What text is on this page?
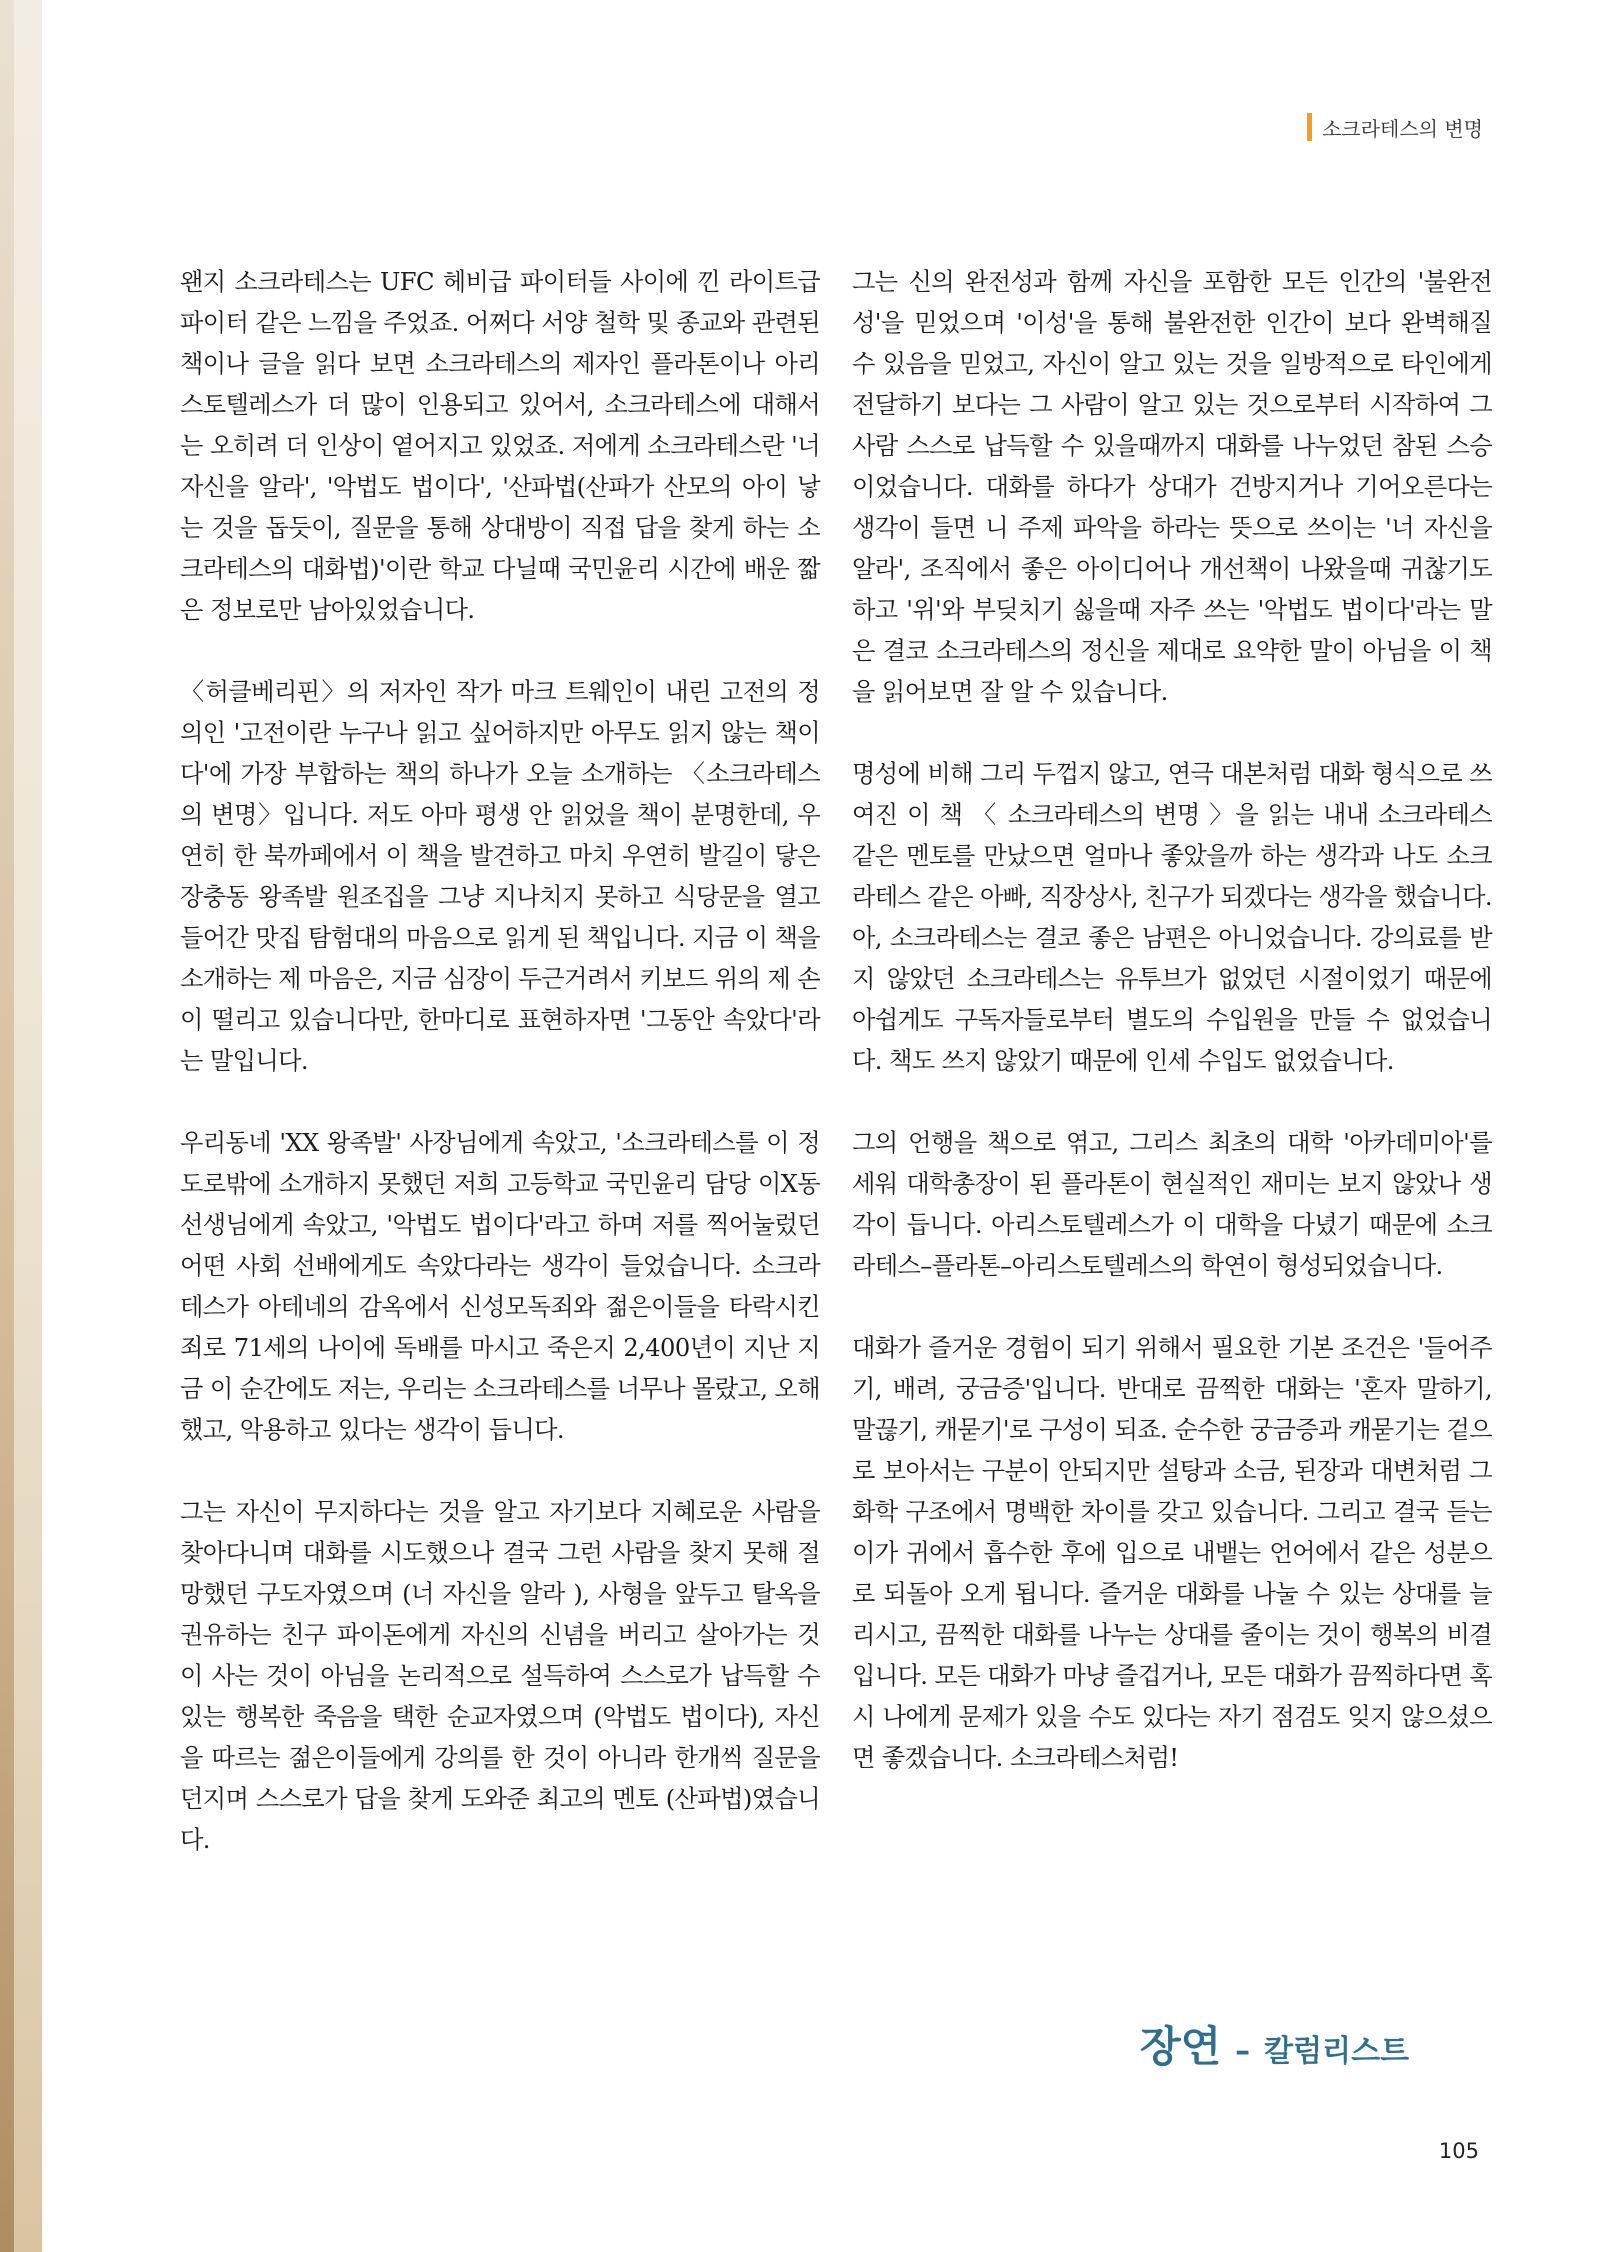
소크라테스의 변명

왠지 소크라테스는 UFC 헤비급 파이터들 사이에 낀 라이트급 파이터 같은 느낌을 주었죠. 어쩌다 서양 철학 및 종교와 관련된 책이나 글을 읽다 보면 소크라테스의 제자인 플라톤이나 아리스토텔레스가 더 많이 인용되고 있어서, 소크라테스에 대해서는 오히려 더 인상이 옅어지고 있었죠. 저에게 소크라테스란 '너 자신을 알라', '악법도 법이다', '산파법(산파가 산모의 아이 낳는 것을 돕듯이, 질문을 통해 상대방이 직접 답을 찾게 하는 소크라테스의 대화법)'이란 학교 다닐때 국민윤리 시간에 배운 짧은 정보로만 남아있었습니다.

〈허클베리핀〉의 저자인 작가 마크 트웨인이 내린 고전의 정의인 '고전이란 누구나 읽고 싶어하지만 아무도 읽지 않는 책이다'에 가장 부합하는 책의 하나가 오늘 소개하는 〈소크라테스의 변명〉입니다. 저도 아마 평생 안 읽었을 책이 분명한데, 우연히 한 북까페에서 이 책을 발견하고 마치 우연히 발길이 닿은 장충동 왕족발 원조집을 그냥 지나치지 못하고 식당문을 열고 들어간 맛집 탐험대의 마음으로 읽게 된 책입니다. 지금 이 책을 소개하는 제 마음은, 지금 심장이 두근거려서 키보드 위의 제 손이 떨리고 있습니다만, 한마디로 표현하자면 '그동안 속았다'라는 말입니다.

우리동네 'XX 왕족발' 사장님에게 속았고, '소크라테스를 이 정도로밖에 소개하지 못했던 저희 고등학교 국민윤리 담당 이X동 선생님에게 속았고, '악법도 법이다'라고 하며 저를 찍어눌렀던 어떤 사회 선배에게도 속았다라는 생각이 들었습니다. 소크라테스가 아테네의 감옥에서 신성모독죄와 젊은이들을 타락시킨 죄로 71세의 나이에 독배를 마시고 죽은지 2,400년이 지난 지금 이 순간에도 저는, 우리는 소크라테스를 너무나 몰랐고, 오해했고, 악용하고 있다는 생각이 듭니다.

그는 자신이 무지하다는 것을 알고 자기보다 지혜로운 사람을 찾아다니며 대화를 시도했으나 결국 그런 사람을 찾지 못해 절망했던 구도자였으며 (너 자신을 알라 ), 사형을 앞두고 탈옥을 권유하는 친구 파이돈에게 자신의 신념을 버리고 살아가는 것이 사는 것이 아님을 논리적으로 설득하여 스스로가 납득할 수 있는 행복한 죽음을 택한 순교자였으며 (악법도 법이다), 자신을 따르는 젊은이들에게 강의를 한 것이 아니라 한개씩 질문을 던지며 스스로가 답을 찾게 도와준 최고의 멘토 (산파법)였습니다.

그는 신의 완전성과 함께 자신을 포함한 모든 인간의 '불완전성'을 믿었으며 '이성'을 통해 불완전한 인간이 보다 완벽해질 수 있음을 믿었고, 자신이 알고 있는 것을 일방적으로 타인에게 전달하기 보다는 그 사람이 알고 있는 것으로부터 시작하여 그 사람 스스로 납득할 수 있을때까지 대화를 나누었던 참된 스승이었습니다. 대화를 하다가 상대가 건방지거나 기어오른다는 생각이 들면 니 주제 파악을 하라는 뜻으로 쓰이는 '너 자신을 알라', 조직에서 좋은 아이디어나 개선책이 나왔을때 귀찮기도 하고 '위'와 부딪치기 싫을때 자주 쓰는 '악법도 법이다'라는 말은 결코 소크라테스의 정신을 제대로 요약한 말이 아님을 이 책을 읽어보면 잘 알 수 있습니다.

명성에 비해 그리 두껍지 않고, 연극 대본처럼 대화 형식으로 쓰여진 이 책 〈 소크라테스의 변명 〉을 읽는 내내 소크라테스 같은 멘토를 만났으면 얼마나 좋았을까 하는 생각과 나도 소크라테스 같은 아빠, 직장상사, 친구가 되겠다는 생각을 했습니다. 아, 소크라테스는 결코 좋은 남편은 아니었습니다. 강의료를 받지 않았던 소크라테스는 유투브가 없었던 시절이었기 때문에 아쉽게도 구독자들로부터 별도의 수입원을 만들 수 없었습니다. 책도 쓰지 않았기 때문에 인세 수입도 없었습니다.

그의 언행을 책으로 엮고, 그리스 최초의 대학 '아카데미아'를 세워 대학총장이 된 플라톤이 현실적인 재미는 보지 않았나 생각이 듭니다. 아리스토텔레스가 이 대학을 다녔기 때문에 소크라테스–플라톤–아리스토텔레스의 학연이 형성되었습니다.

대화가 즐거운 경험이 되기 위해서 필요한 기본 조건은 '들어주기, 배려, 궁금증'입니다. 반대로 끔찍한 대화는 '혼자 말하기, 말끊기, 캐묻기'로 구성이 되죠. 순수한 궁금증과 캐묻기는 겉으로 보아서는 구분이 안되지만 설탕과 소금, 된장과 대변처럼 그 화학 구조에서 명백한 차이를 갖고 있습니다. 그리고 결국 듣는 이가 귀에서 흡수한 후에 입으로 내뱉는 언어에서 같은 성분으로 되돌아 오게 됩니다. 즐거운 대화를 나눌 수 있는 상대를 늘리시고, 끔찍한 대화를 나누는 상대를 줄이는 것이 행복의 비결입니다. 모든 대화가 마냥 즐겁거나, 모든 대화가 끔찍하다면 혹시 나에게 문제가 있을 수도 있다는 자기 점검도 잊지 않으셨으면 좋겠습니다. 소크라테스처럼!

장연 – 칼럼리스트
105
